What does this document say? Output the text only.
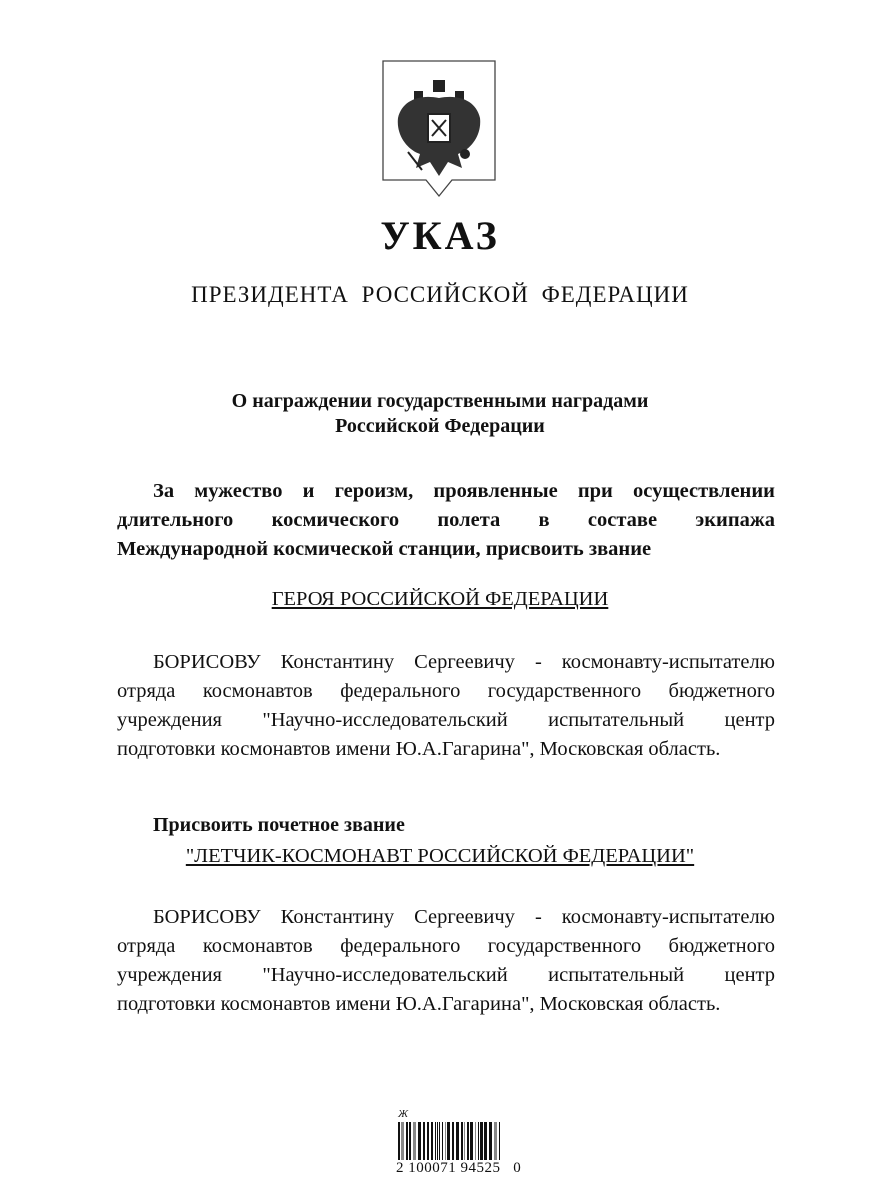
УКАЗ
ПРЕЗИДЕНТА РОССИЙСКОЙ ФЕДЕРАЦИИ
О награждении государственными наградами
Российской Федерации
За мужество и героизм, проявленные при осуществлении
длительного космического полета в составе экипажа
Международной космической станции, присвоить звание
ГЕРОЯ РОССИЙСКОЙ ФЕДЕРАЦИИ
БОРИСОВУ Константину Сергеевичу - космонавту-испытателю
отряда космонавтов федерального государственного бюджетного
учреждения "Научно-исследовательский испытательный центр
подготовки космонавтов имени Ю.А.Гагарина", Московская область.
Присвоить почетное звание
"ЛЕТЧИК-КОСМОНАВТ РОССИЙСКОЙ ФЕДЕРАЦИИ"
БОРИСОВУ Константину Сергеевичу - космонавту-испытателю
отряда космонавтов федерального государственного бюджетного
учреждения "Научно-исследовательский испытательный центр
подготовки космонавтов имени Ю.А.Гагарина", Московская область.
Ж
2 100071 94525   0
